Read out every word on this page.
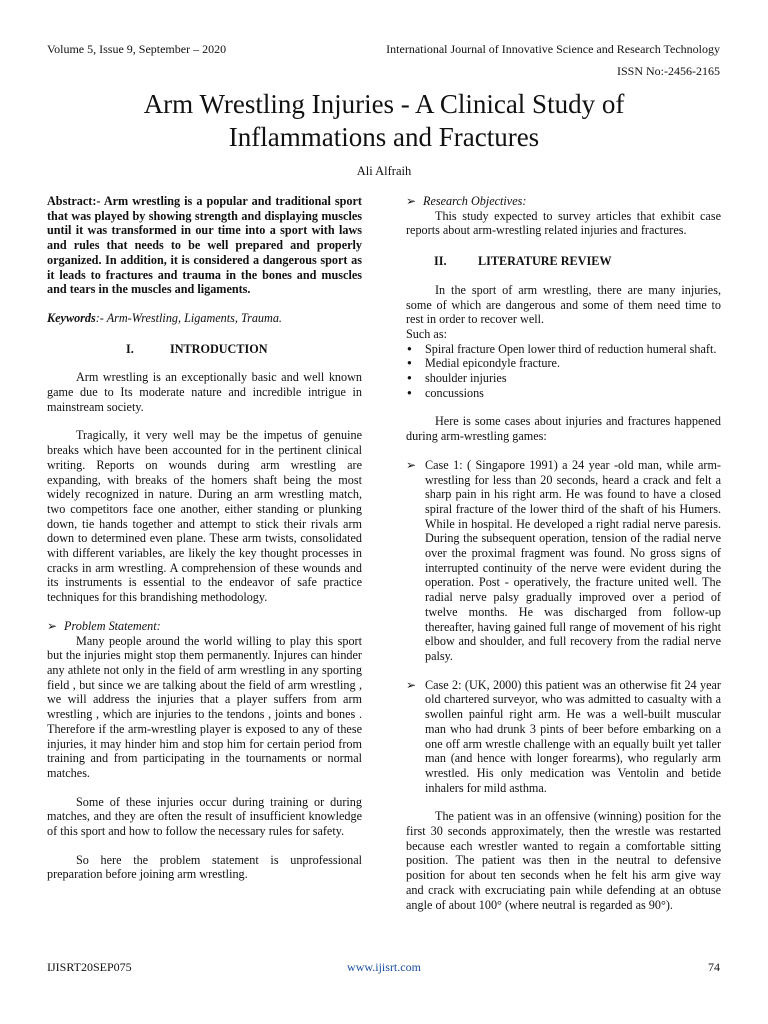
Volume 5, Issue 9, September – 2020	International Journal of Innovative Science and Research Technology
ISSN No:-2456-2165
Arm Wrestling Injuries - A Clinical Study of
Inflammations and Fractures
Ali Alfraih

Abstract:- Arm wrestling is a popular and traditional sport that was played by showing strength and displaying muscles until it was transformed in our time into a sport with laws and rules that needs to be well prepared and properly organized. In addition, it is considered a dangerous sport as it leads to fractures and trauma in the bones and muscles and tears in the muscles and ligaments.

Keywords:- Arm-Wrestling, Ligaments, Trauma.

I.	INTRODUCTION

Arm wrestling is an exceptionally basic and well known game due to Its moderate nature and incredible intrigue in mainstream society.

Tragically, it very well may be the impetus of genuine breaks which have been accounted for in the pertinent clinical writing. Reports on wounds during arm wrestling are expanding, with breaks of the homers shaft being the most widely recognized in nature. During an arm wrestling match, two competitors face one another, either standing or plunking down, tie hands together and attempt to stick their rivals arm down to determined even plane. These arm twists, consolidated with different variables, are likely the key thought processes in cracks in arm wrestling. A comprehension of these wounds and its instruments is essential to the endeavor of safe practice techniques for this brandishing methodology.

➢ Problem Statement:

Many people around the world willing to play this sport but the injuries might stop them permanently. Injures can hinder any athlete not only in the field of arm wrestling in any sporting field , but since we are talking about the field of arm wrestling , we will address the injuries that a player suffers from arm wrestling , which are injuries to the tendons , joints and bones . Therefore if the arm-wrestling player is exposed to any of these injuries, it may hinder him and stop him for certain period from training and from participating in the tournaments or normal matches.

Some of these injuries occur during training or during matches, and they are often the result of insufficient knowledge of this sport and how to follow the necessary rules for safety.

So here the problem statement is unprofessional preparation before joining arm wrestling.

➢ Research Objectives:

This study expected to survey articles that exhibit case reports about arm-wrestling related injuries and fractures.

II.	LITERATURE REVIEW

In the sport of arm wrestling, there are many injuries, some of which are dangerous and some of them need time to rest in order to recover well.

Such as:

● Spiral fracture Open lower third of reduction humeral shaft.
● Medial epicondyle fracture.
● shoulder injuries
● concussions

Here is some cases about injuries and fractures happened during arm-wrestling games:

➢ Case 1: ( Singapore 1991) a 24 year -old man, while arm-wrestling for less than 20 seconds, heard a crack and felt a sharp pain in his right arm. He was found to have a closed spiral fracture of the lower third of the shaft of his Humers. While in hospital. He developed a right radial nerve paresis. During the subsequent operation, tension of the radial nerve over the proximal fragment was found. No gross signs of interrupted continuity of the nerve were evident during the operation. Post - operatively, the fracture united well. The radial nerve palsy gradually improved over a period of twelve months. He was discharged from follow-up thereafter, having gained full range of movement of his right elbow and shoulder, and full recovery from the radial nerve palsy.
➢ Case 2: (UK, 2000) this patient was an otherwise fit 24 year old chartered surveyor, who was admitted to casualty with a swollen painful right arm. He was a well-built muscular man who had drunk 3 pints of beer before embarking on a one off arm wrestle challenge with an equally built yet taller man (and hence with longer forearms), who regularly arm wrestled. His only medication was Ventolin and betide inhalers for mild asthma.

The patient was in an offensive (winning) position for the first 30 seconds approximately, then the wrestle was restarted because each wrestler wanted to regain a comfortable sitting position. The patient was then in the neutral to defensive position for about ten seconds when he felt his arm give way and crack with excruciating pain while defending at an obtuse angle of about 100° (where neutral is regarded as 90°).

IJISRT20SEP075	www.ijisrt.com	74
